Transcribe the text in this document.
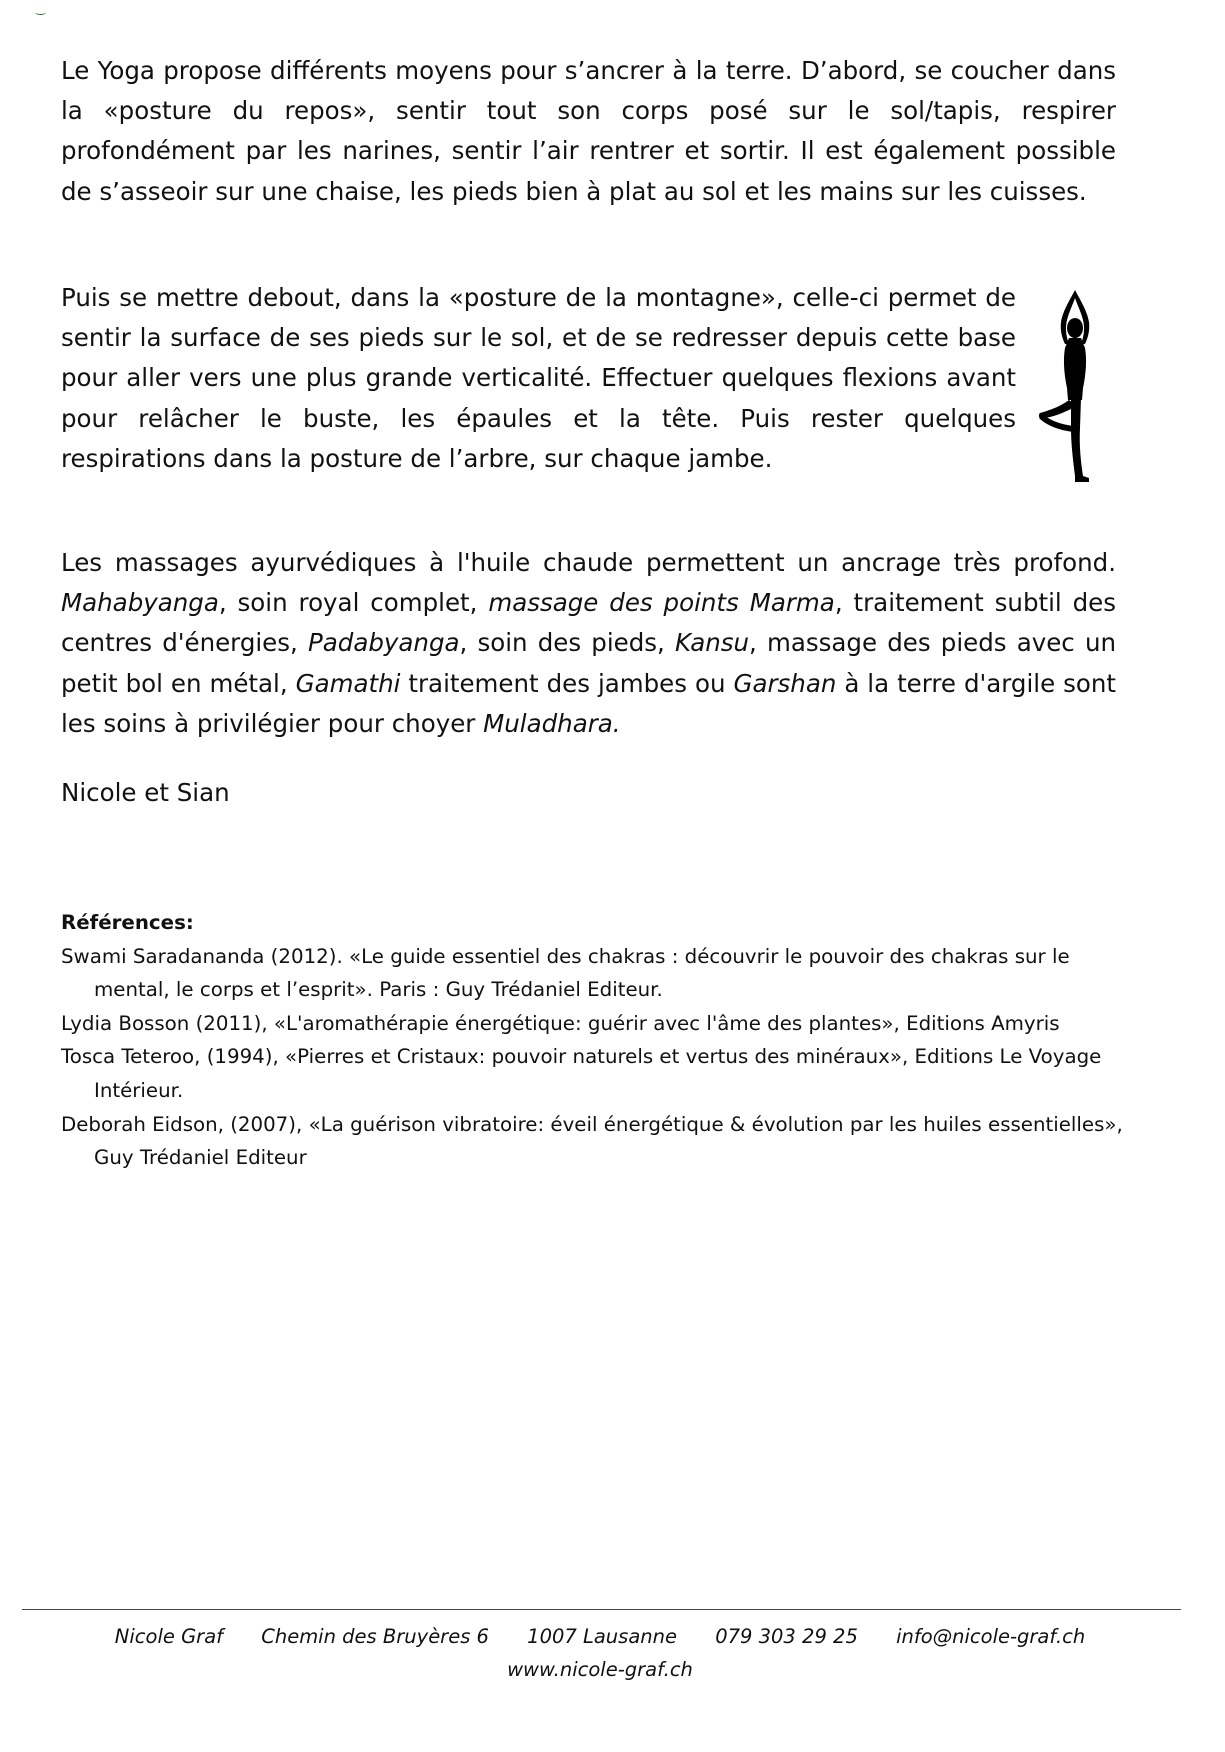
Le Yoga propose différents moyens pour s’ancrer à la terre. D’abord, se coucher dans la «posture du repos», sentir tout son corps posé sur le sol/tapis, respirer profondément par les narines, sentir l’air rentrer et sortir. Il est également possible de s’asseoir sur une chaise, les pieds bien à plat au sol et les mains sur les cuisses.

Puis se mettre debout, dans la «posture de la montagne», celle-ci permet de sentir la surface de ses pieds sur le sol, et de se redresser depuis cette base pour aller vers une plus grande verticalité. Effectuer quelques flexions avant pour relâcher le buste, les épaules et la tête. Puis rester quelques respirations dans la posture de l’arbre, sur chaque jambe.

Les massages ayurvédiques à l'huile chaude permettent un ancrage très profond. Mahabyanga, soin royal complet, massage des points Marma, traitement subtil des centres d'énergies, Padabyanga, soin des pieds, Kansu, massage des pieds avec un petit bol en métal, Gamathi traitement des jambes ou Garshan à la terre d'argile sont les soins à privilégier pour choyer Muladhara.

Nicole et Sian

Références:

Swami Saradananda (2012). «Le guide essentiel des chakras : découvrir le pouvoir des chakras sur le mental, le corps et l’esprit». Paris : Guy Trédaniel Editeur.

Lydia Bosson (2011), «L'aromathérapie énergétique: guérir avec l'âme des plantes», Editions Amyris

Tosca Teteroo, (1994), «Pierres et Cristaux: pouvoir naturels et vertus des minéraux», Editions Le Voyage Intérieur.

Deborah Eidson, (2007), «La guérison vibratoire: éveil énergétique & évolution par les huiles essentielles», Guy Trédaniel Editeur

Nicole Graf Chemin des Bruyères 6 1007 Lausanne 079 303 29 25 info@nicole-graf.ch
www.nicole-graf.ch
